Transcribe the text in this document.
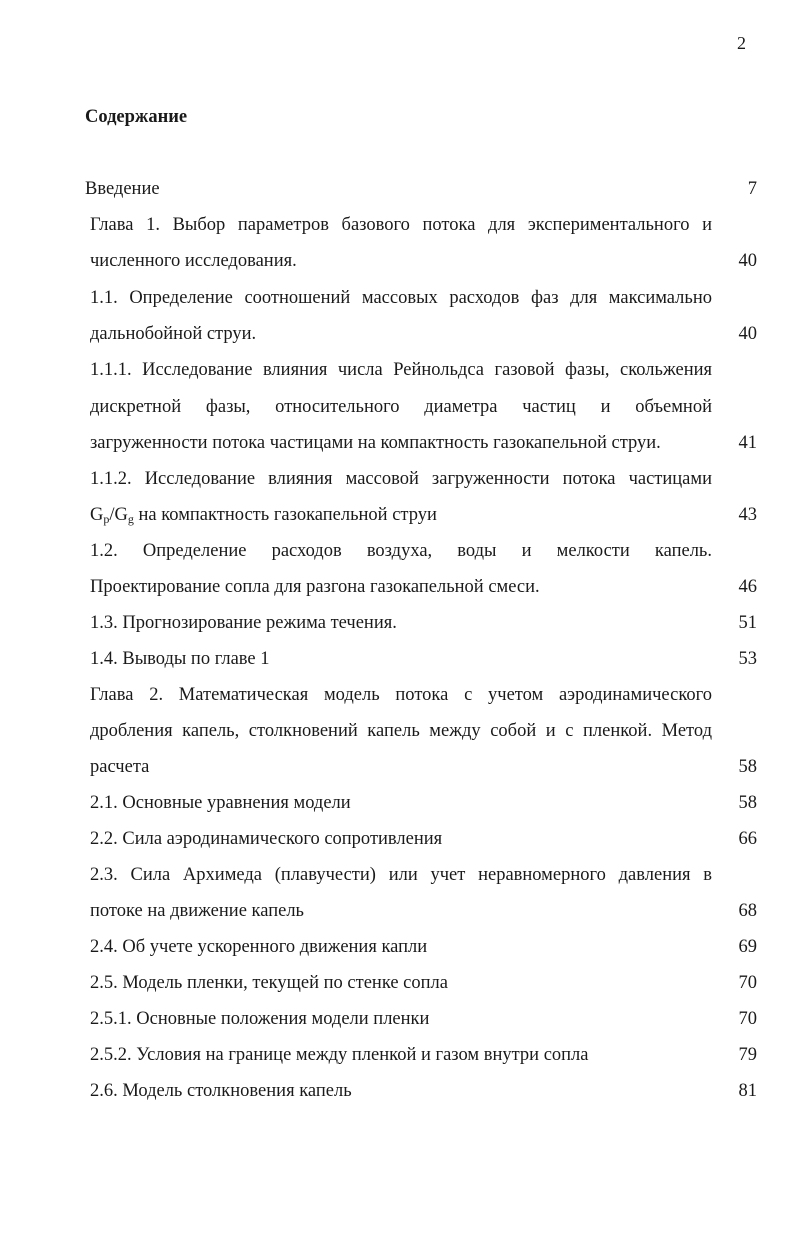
2
Содержание
Введение	7
Глава 1. Выбор параметров базового потока для экспериментального и
численного исследования.	40
1.1. Определение соотношений массовых расходов фаз для максимально
дальнобойной струи.	40
1.1.1. Исследование влияния числа Рейнольдса газовой фазы, скольжения
дискретной фазы, относительного диаметра частиц и объемной
загруженности потока частицами на компактность газокапельной струи.	41
1.1.2. Исследование влияния массовой загруженности потока частицами
$G_p/G_g$ на компактность газокапельной струи	43
1.2. Определение расходов воздуха, воды и мелкости капель.
Проектирование сопла для разгона газокапельной смеси.	46
1.3. Прогнозирование режима течения.	51
1.4. Выводы по главе 1	53
Глава 2. Математическая модель потока с учетом аэродинамического
дробления капель, столкновений капель между собой и с пленкой. Метод
расчета	58
2.1. Основные уравнения модели	58
2.2. Сила аэродинамического сопротивления	66
2.3. Сила Архимеда (плавучести) или учет неравномерного давления в
потоке на движение капель	68
2.4. Об учете ускоренного движения капли	69
2.5. Модель пленки, текущей по стенке сопла	70
2.5.1. Основные положения модели пленки	70
2.5.2. Условия на границе между пленкой и газом внутри сопла	79
2.6. Модель столкновения капель	81
